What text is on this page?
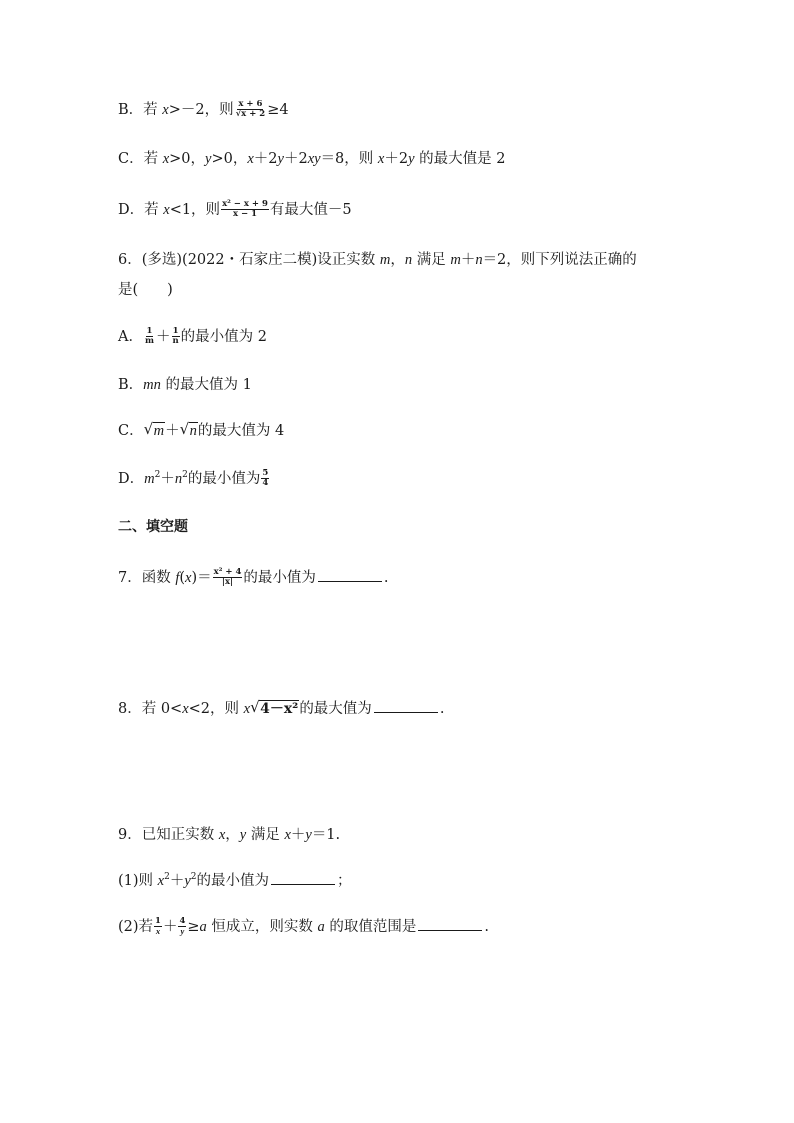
B．若 x>－2，则 $\frac{x + 6}{√x + 2} \ge 4$
C．若 x>0，y>0，x＋2y＋2xy＝8，则 x＋2y 的最大值是 2
D．若 x<1，则 $\frac{\text{x² − x + 9}}{x - 1}$ 有最大值－5
6．(多选)(2022・石家庄二模)设正实数 m，n 满足 m＋n＝2，则下列说法正确的
是(　　)
A． $\frac{1}{m} + \frac{1}{n}$ 的最小值为 2
B．mn 的最大值为 1
C． √ m＋ √ n的最大值为 4
D．$m^2+n^2$的最小值为 $\frac{5}{4}$
二、填空题
7．函数 $f(x)= \frac{\text{x² + 4}}{|x|}$ 的最小值为	.
8．若 0<x<2，则 x √ 4－x²的最大值为	.
9．已知正实数 x，y 满足 x＋y＝1.
(1)则 $x^2+y^2$的最小值为	；
(2)若 $\frac{1}{x} + \frac{4}{y} \ge a$ 恒成立，则实数 a 的取值范围是	.
